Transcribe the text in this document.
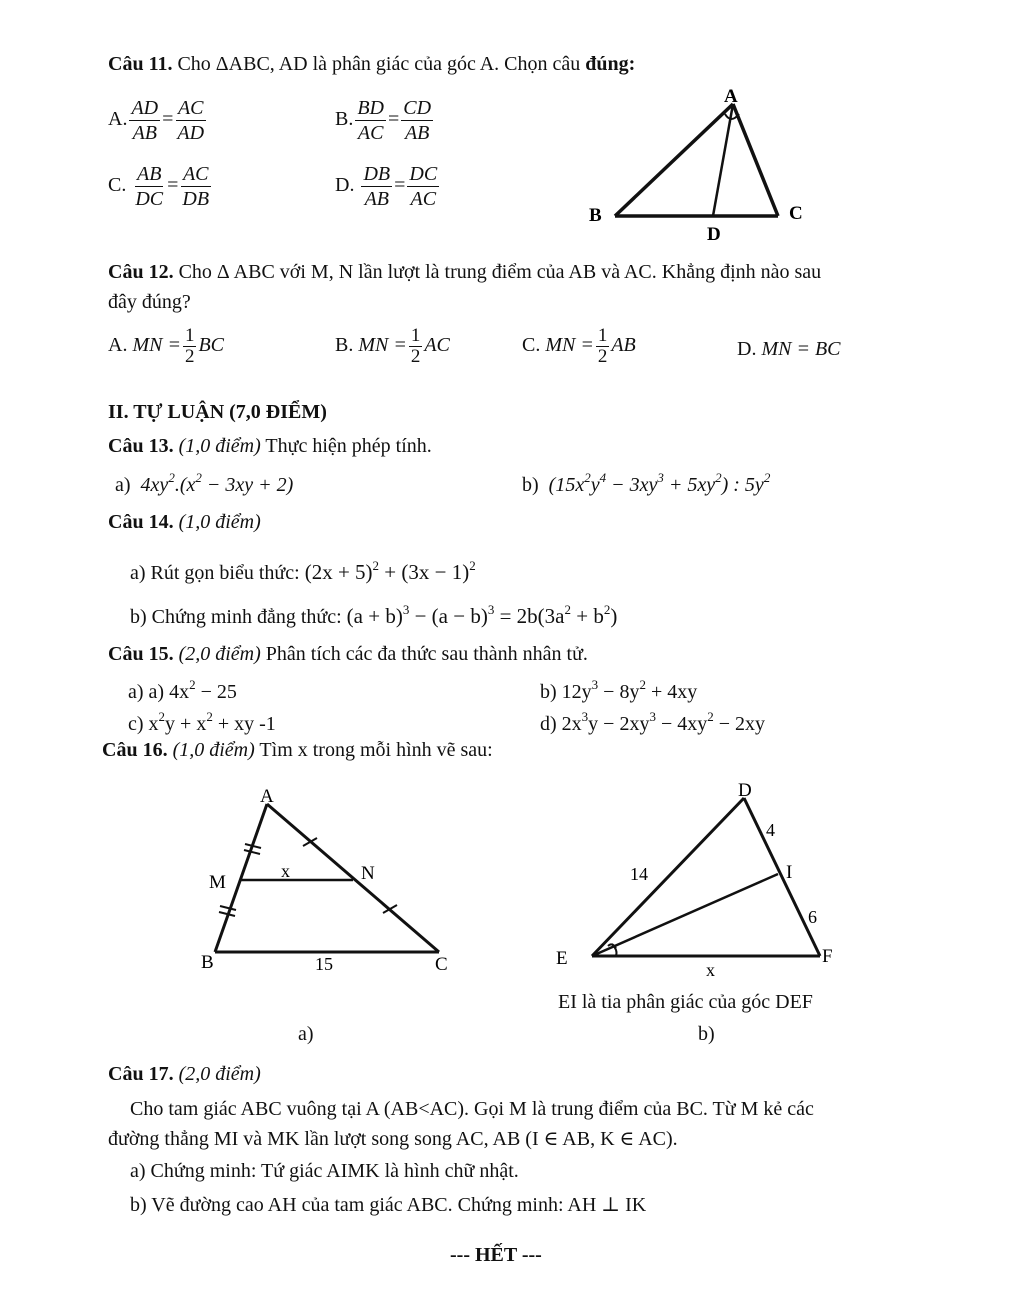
Câu 11. Cho ΔABC, AD là phân giác của góc A. Chọn câu đúng:
A. $\frac{AD}{AB} = \frac{AC}{AD}$	B. $\frac{BD}{AC} = \frac{CD}{AB}$
C. $\frac{AB}{DC} = \frac{AC}{DB}$	D. $\frac{DB}{AB} = \frac{DC}{AC}$
A
B	C
D
Câu 12. Cho Δ ABC với M, N lần lượt là trung điểm của AB và AC. Khẳng định nào sau
đây đúng?
A. MN = $\frac{1}{2}$ BC	B. MN = $\frac{1}{2}$ AC	C. MN = $\frac{1}{2}$ AB	D. MN = BC
II. TỰ LUẬN (7,0 ĐIỂM)
Câu 13. (1,0 điểm) Thực hiện phép tính.
a) $4xy^2.(x^2 - 3xy + 2)$	b) $(15x^2y^4 - 3xy^3 + 5xy^2)$ : $5y^2$
Câu 14. (1,0 điểm)
a) Rút gọn biểu thức: $(2x + 5)^2 + (3x - 1)^2$
b) Chứng minh đẳng thức: $(a + b)^3 - (a - b)^3 = 2b(3a^2 + b^2)$
Câu 15. (2,0 điểm) Phân tích các đa thức sau thành nhân tử.
a) a) $4x^2 - 25$	b) $12y^3 - 8y^2 + 4xy$
c) $x^2y + x^2$ + xy -1	d) $2x^3y - 2xy^3 - 4xy^2 - 2xy$
Câu 16. (1,0 điểm) Tìm x trong mỗi hình vẽ sau:
A
M	N
B	C
x
15
a)
D
E	F
I
14
4
6
x
EI là tia phân giác của góc DEF
b)
Câu 17. (2,0 điểm)
Cho tam giác ABC vuông tại A (AB<AC). Gọi M là trung điểm của BC. Từ M kẻ các
đường thẳng MI và MK lần lượt song song AC, AB (I ∈ AB, K ∈ AC).
a) Chứng minh: Tứ giác AIMK là hình chữ nhật.
b) Vẽ đường cao AH của tam giác ABC. Chứng minh: AH ⊥ IK
--- HẾT ---
